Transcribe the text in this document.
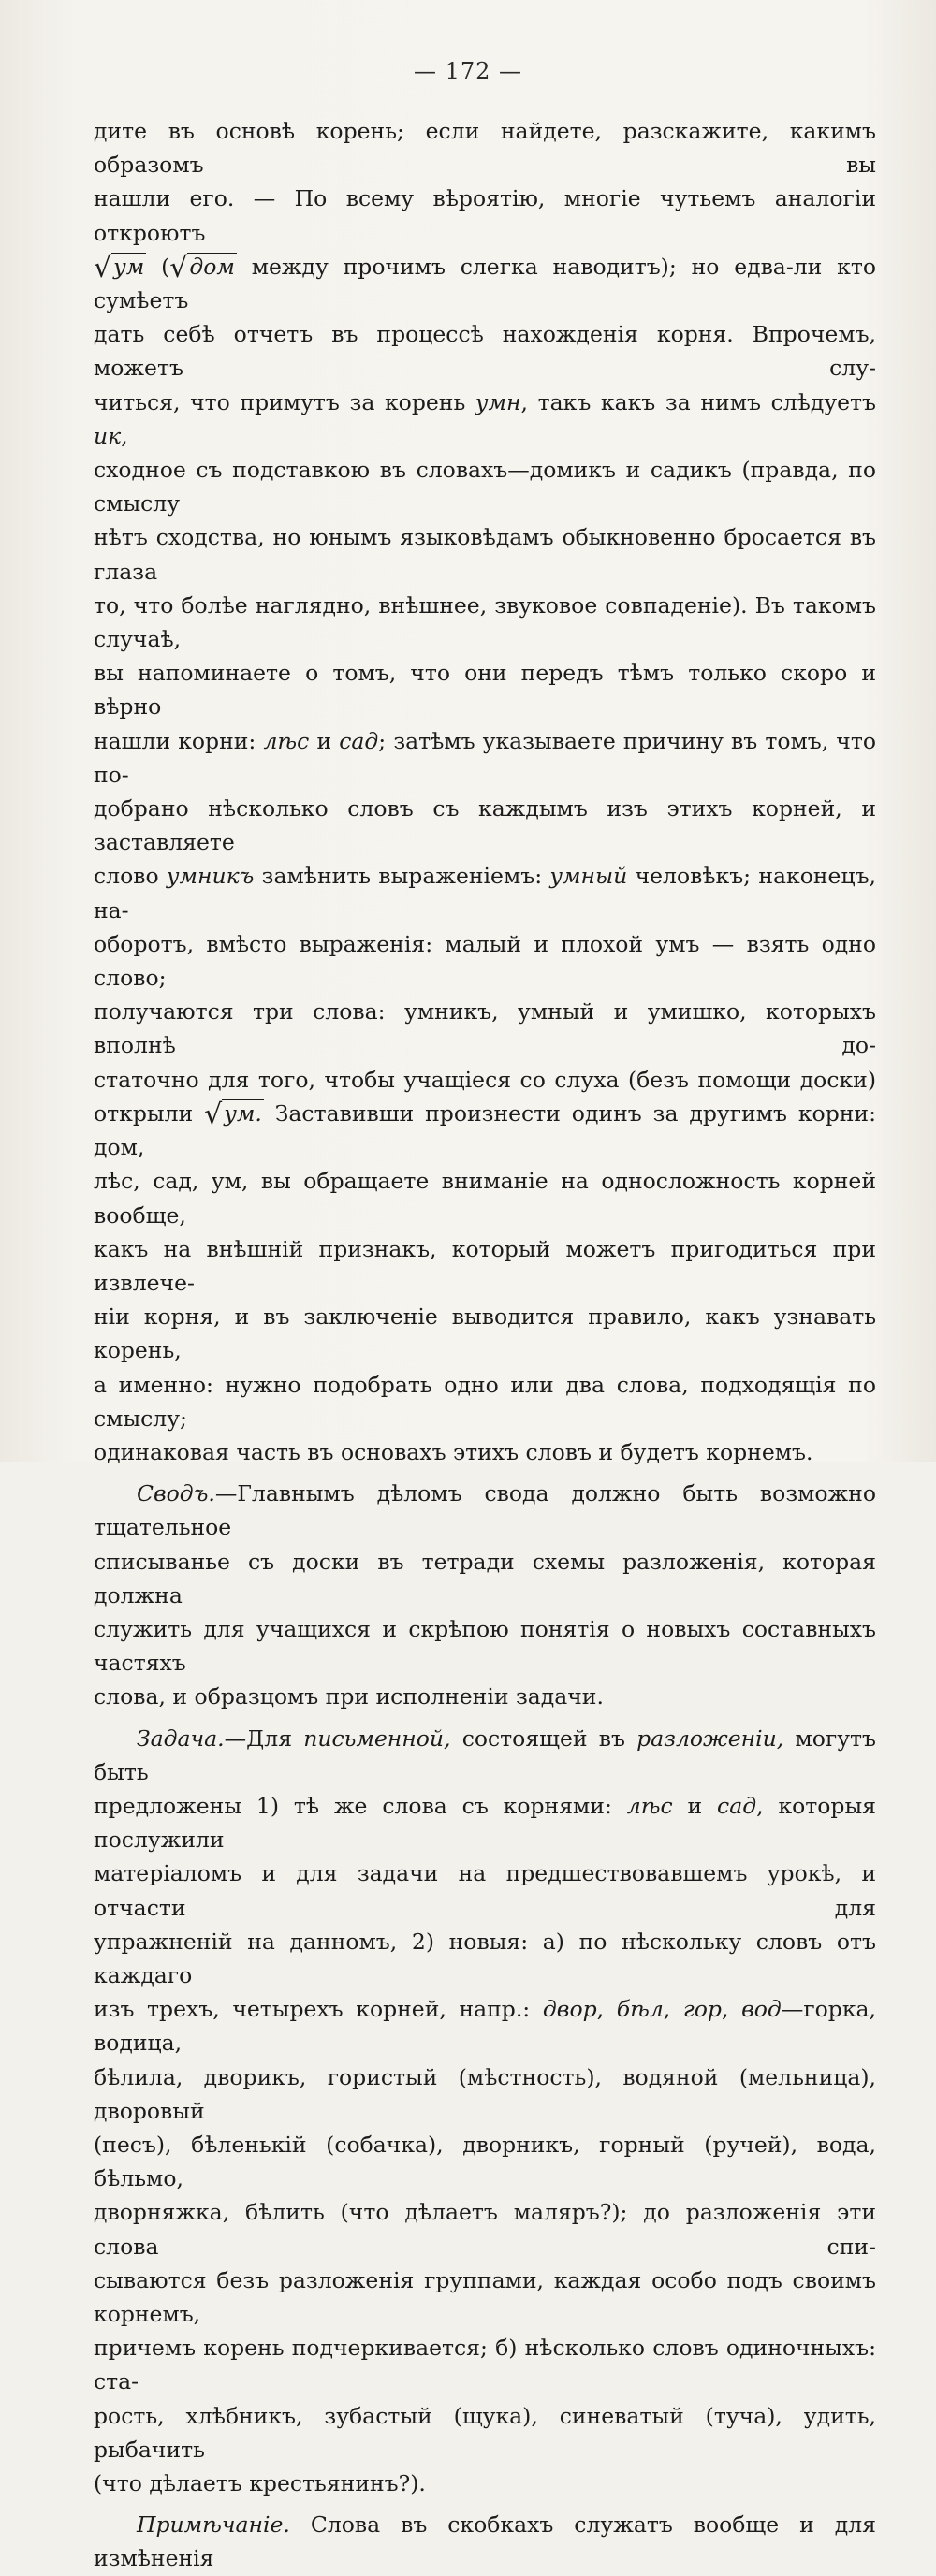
— 172 —

дите въ основѣ корень; если найдете, разскажите, какимъ образомъ вы

нашли его. — По всему вѣроятію, многіе чутьемъ аналогіи откроютъ

√ум (√дом между прочимъ слегка наводитъ); но едва-ли кто сумѣетъ

дать себѣ отчетъ въ процессѣ нахожденія корня. Впрочемъ, можетъ слу-

читься, что примутъ за корень умн, такъ какъ за нимъ слѣдуетъ ик,

сходное съ подставкою въ словахъ—домикъ и садикъ (правда, по смыслу

нѣтъ сходства, но юнымъ языковѣдамъ обыкновенно бросается въ глаза

то, что болѣе наглядно, внѣшнее, звуковое совпаденіе). Въ такомъ случаѣ,

вы напоминаете о томъ, что они передъ тѣмъ только скоро и вѣрно

нашли корни: лѣс и сад; затѣмъ указываете причину въ томъ, что по-

добрано нѣсколько словъ съ каждымъ изъ этихъ корней, и заставляете

слово умникъ замѣнить выраженіемъ: умный человѣкъ; наконецъ, на-

оборотъ, вмѣсто выраженія: малый и плохой умъ — взять одно слово;

получаются три слова: умникъ, умный и умишко, которыхъ вполнѣ до-

статочно для того, чтобы учащіеся со слуха (безъ помощи доски)

открыли √ум. Заставивши произнести одинъ за другимъ корни: дом,

лѣс, сад, ум, вы обращаете вниманіе на односложность корней вообще,

какъ на внѣшній признакъ, который можетъ пригодиться при извлече-

ніи корня, и въ заключеніе выводится правило, какъ узнавать корень,

а именно: нужно подобрать одно или два слова, подходящія по смыслу;

одинаковая часть въ основахъ этихъ словъ и будетъ корнемъ.

Сводъ.—Главнымъ дѣломъ свода должно быть возможно тщательное

списыванье съ доски въ тетради схемы разложенія, которая должна

служить для учащихся и скрѣпою понятія о новыхъ составныхъ частяхъ

слова, и образцомъ при исполненіи задачи.

Задача.—Для письменной, состоящей въ разложеніи, могутъ быть

предложены 1) тѣ же слова съ корнями: лѣс и сад, которыя послужили

матеріаломъ и для задачи на предшествовавшемъ урокѣ, и отчасти для

упражненій на данномъ, 2) новыя: а) по нѣскольку словъ отъ каждаго

изъ трехъ, четырехъ корней, напр.: двор, бѣл, гор, вод—горка, водица,

бѣлила, дворикъ, гористый (мѣстность), водяной (мельница), дворовый

(песъ), бѣленькій (собачка), дворникъ, горный (ручей), вода, бѣльмо,

дворняжка, бѣлить (что дѣлаетъ маляръ?); до разложенія эти слова спи-

сываются безъ разложенія группами, каждая особо подъ своимъ корнемъ,

причемъ корень подчеркивается; б) нѣсколько словъ одиночныхъ: ста-

рость, хлѣбникъ, зубастый (щука), синеватый (туча), удить, рыбачить

(что дѣлаетъ крестьянинъ?).

Примѣчаніе. Слова въ скобкахъ служатъ вообще и для измѣненія
